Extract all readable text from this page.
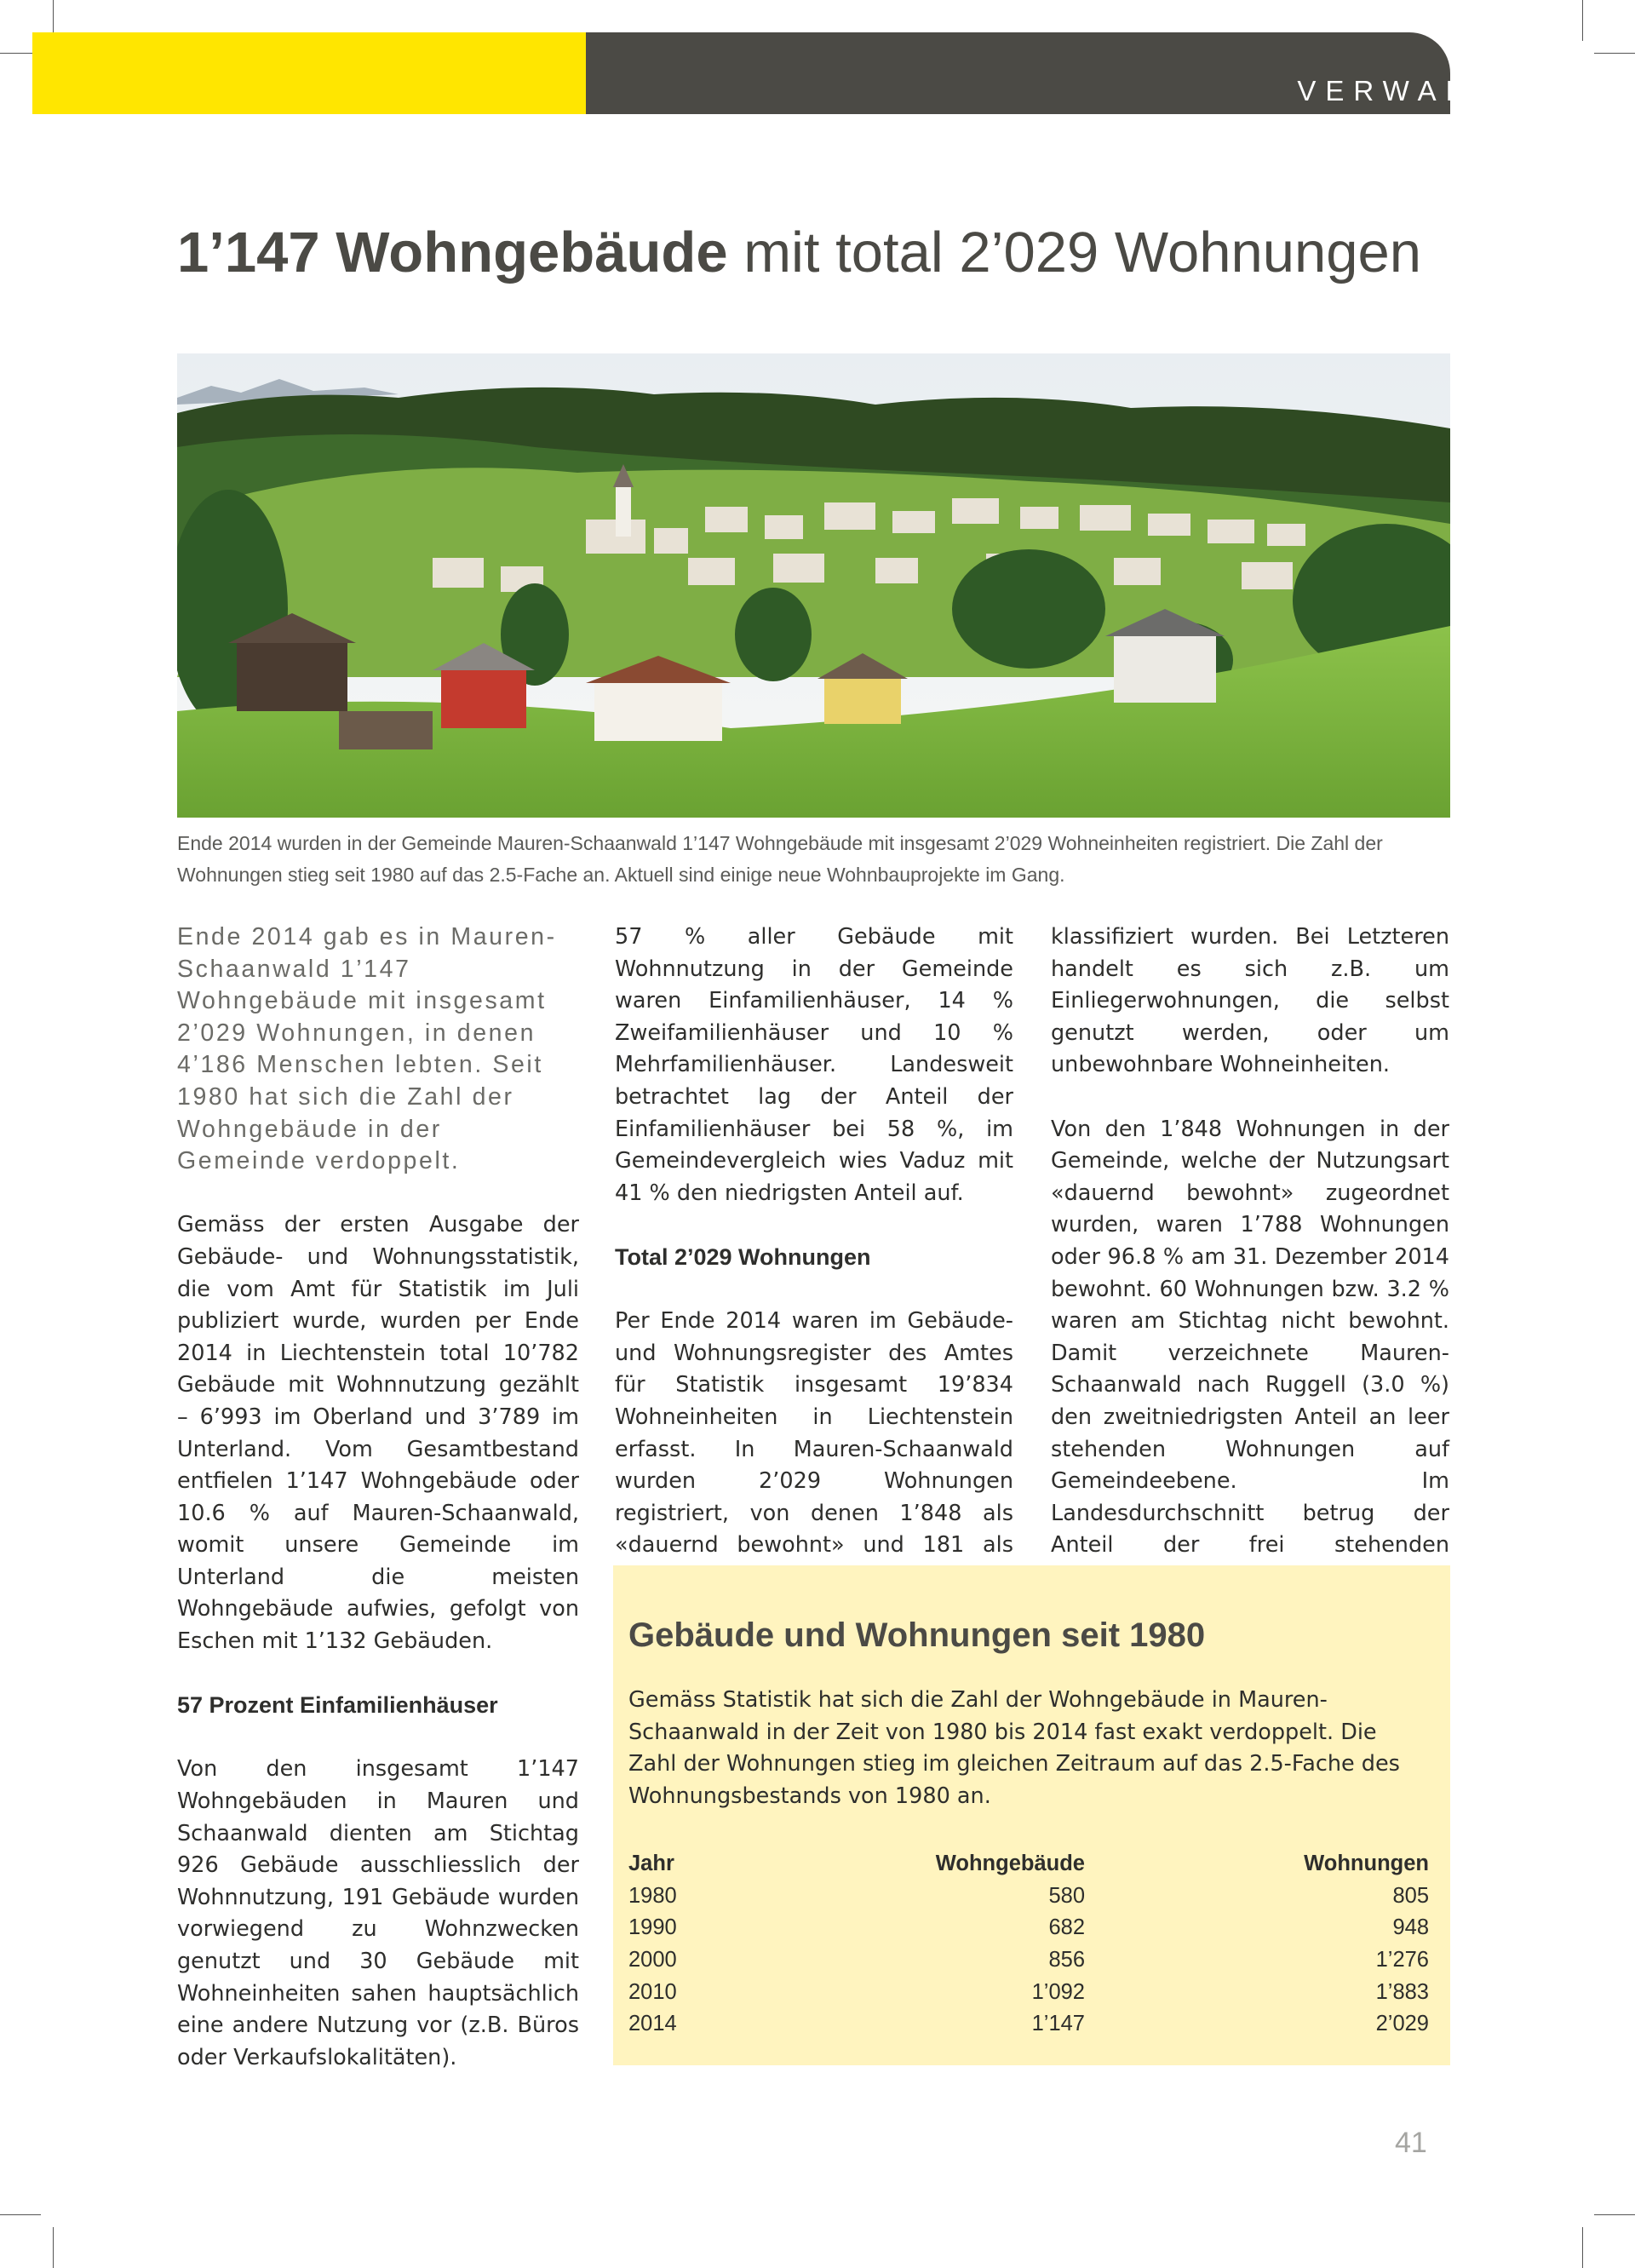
VERWALTUNG
1’147 Wohngebäude mit total 2’029 Wohnungen
Ende 2014 wurden in der Gemeinde Mauren-Schaanwald 1’147 Wohngebäude mit insgesamt 2’029 Wohneinheiten registriert. Die Zahl der Wohnungen stieg seit 1980 auf das 2.5-Fache an. Aktuell sind einige neue Wohnbauprojekte im Gang.

Ende 2014 gab es in Mauren-Schaanwald 1’147 Wohngebäude mit insgesamt 2’029 Wohnungen, in denen 4’186 Menschen lebten. Seit 1980 hat sich die Zahl der Wohngebäude in der Gemeinde verdoppelt.

Gemäss der ersten Ausgabe der Gebäude- und Wohnungsstatistik, die vom Amt für Statistik im Juli publiziert wurde, wurden per Ende 2014 in Liechtenstein total 10’782 Gebäude mit Wohnnutzung gezählt – 6’993 im Oberland und 3’789 im Unterland. Vom Gesamtbestand entfielen 1’147 Wohngebäude oder 10.6 % auf Mauren-Schaanwald, womit unsere Gemeinde im Unterland die meisten Wohngebäude aufwies, gefolgt von Eschen mit 1’132 Gebäuden.

57 Prozent Einfamilienhäuser

Von den insgesamt 1’147 Wohngebäuden in Mauren und Schaanwald dienten am Stichtag 926 Gebäude ausschliesslich der Wohnnutzung, 191 Gebäude wurden vorwiegend zu Wohnzwecken genutzt und 30 Gebäude mit Wohneinheiten sahen hauptsächlich eine andere Nutzung vor (z.B. Büros oder Verkaufslokalitäten).

57 % aller Gebäude mit Wohnnutzung in der Gemeinde waren Einfamilienhäuser, 14 % Zweifamilienhäuser und 10 % Mehrfamilienhäuser. Landesweit betrachtet lag der Anteil der Einfamilienhäuser bei 58 %, im Gemeindevergleich wies Vaduz mit 41 % den niedrigsten Anteil auf.

Total 2’029 Wohnungen

Per Ende 2014 waren im Gebäude- und Wohnungsregister des Amtes für Statistik insgesamt 19’834 Wohneinheiten in Liechtenstein erfasst. In Mauren-Schaanwald wurden 2’029 Wohnungen registriert, von denen 1’848 als «dauernd bewohnt» und 181 als

klassifiziert wurden. Bei Letzteren handelt es sich z.B. um Einliegerwohnungen, die selbst genutzt werden, oder um unbewohnbare Wohneinheiten.

Von den 1’848 Wohnungen in der Gemeinde, welche der Nutzungsart «dauernd bewohnt» zugeordnet wurden, waren 1’788 Wohnungen oder 96.8 % am 31. Dezember 2014 bewohnt. 60 Wohnungen bzw. 3.2 % waren am Stichtag nicht bewohnt. Damit verzeichnete Mauren-Schaanwald nach Ruggell (3.0 %) den zweitniedrigsten Anteil an leer stehenden Wohnungen auf Gemeindeebene. Im Landesdurchschnitt betrug der Anteil der frei stehenden

Gebäude und Wohnungen seit 1980

Gemäss Statistik hat sich die Zahl der Wohngebäude in Mauren-Schaanwald in der Zeit von 1980 bis 2014 fast exakt verdoppelt. Die Zahl der Wohnungen stieg im gleichen Zeitraum auf das 2.5-Fache des Wohnungsbestands von 1980 an.

Jahr	Wohngebäude	Wohnungen
1980	580	805
1990	682	948
2000	856	1’276
2010	1’092	1’883
2014	1’147	2’029
41
